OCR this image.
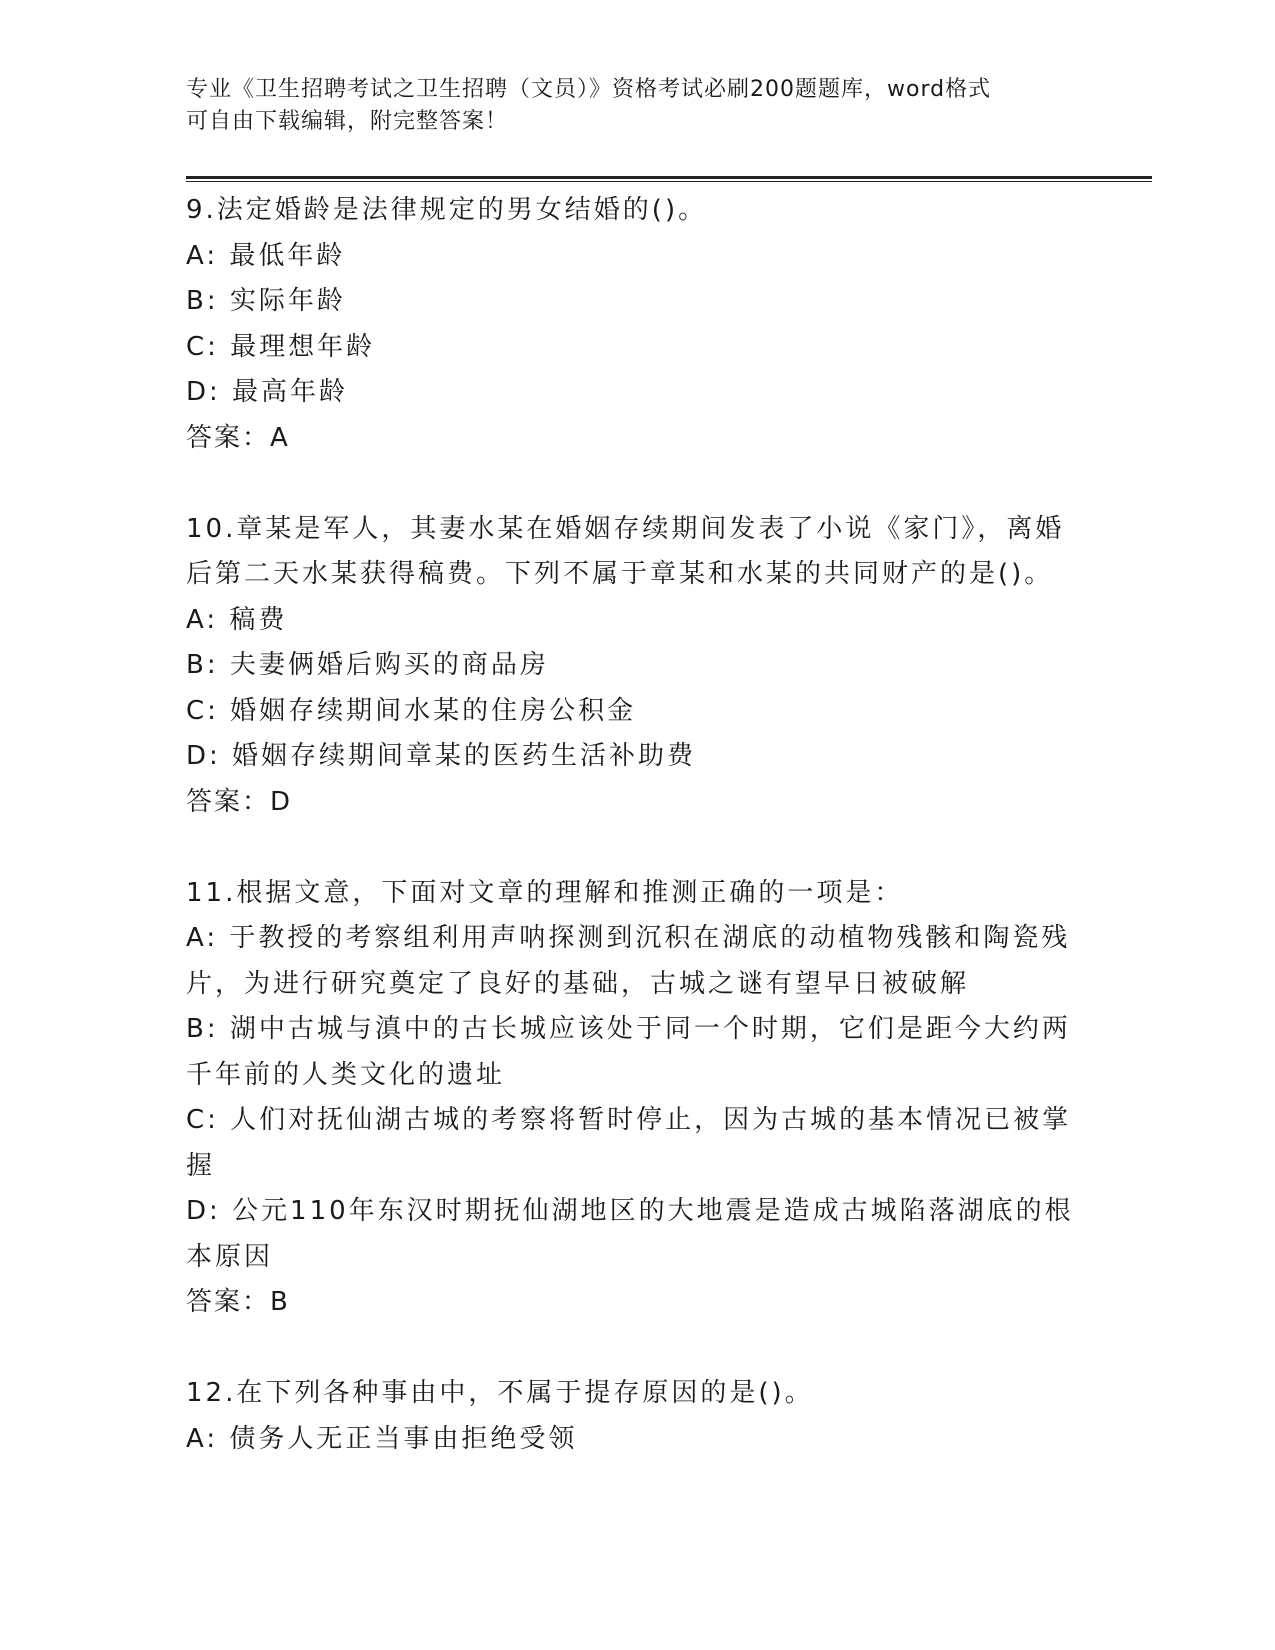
专业《卫生招聘考试之卫生招聘（文员）》资格考试必刷200题题库，word格式
可自由下载编辑，附完整答案！
9.法定婚龄是法律规定的男女结婚的()。
A: 最低年龄
B: 实际年龄
C: 最理想年龄
D: 最高年龄
答案：A
10.章某是军人，其妻水某在婚姻存续期间发表了小说《家门》，离婚
后第二天水某获得稿费。下列不属于章某和水某的共同财产的是()。
A: 稿费
B: 夫妻俩婚后购买的商品房
C: 婚姻存续期间水某的住房公积金
D: 婚姻存续期间章某的医药生活补助费
答案：D
11.根据文意，下面对文章的理解和推测正确的一项是：
A: 于教授的考察组利用声呐探测到沉积在湖底的动植物残骸和陶瓷残
片，为进行研究奠定了良好的基础，古城之谜有望早日被破解
B: 湖中古城与滇中的古长城应该处于同一个时期，它们是距今大约两
千年前的人类文化的遗址
C: 人们对抚仙湖古城的考察将暂时停止，因为古城的基本情况已被掌
握
D: 公元110年东汉时期抚仙湖地区的大地震是造成古城陷落湖底的根
本原因
答案：B
12.在下列各种事由中，不属于提存原因的是()。
A: 债务人无正当事由拒绝受领
